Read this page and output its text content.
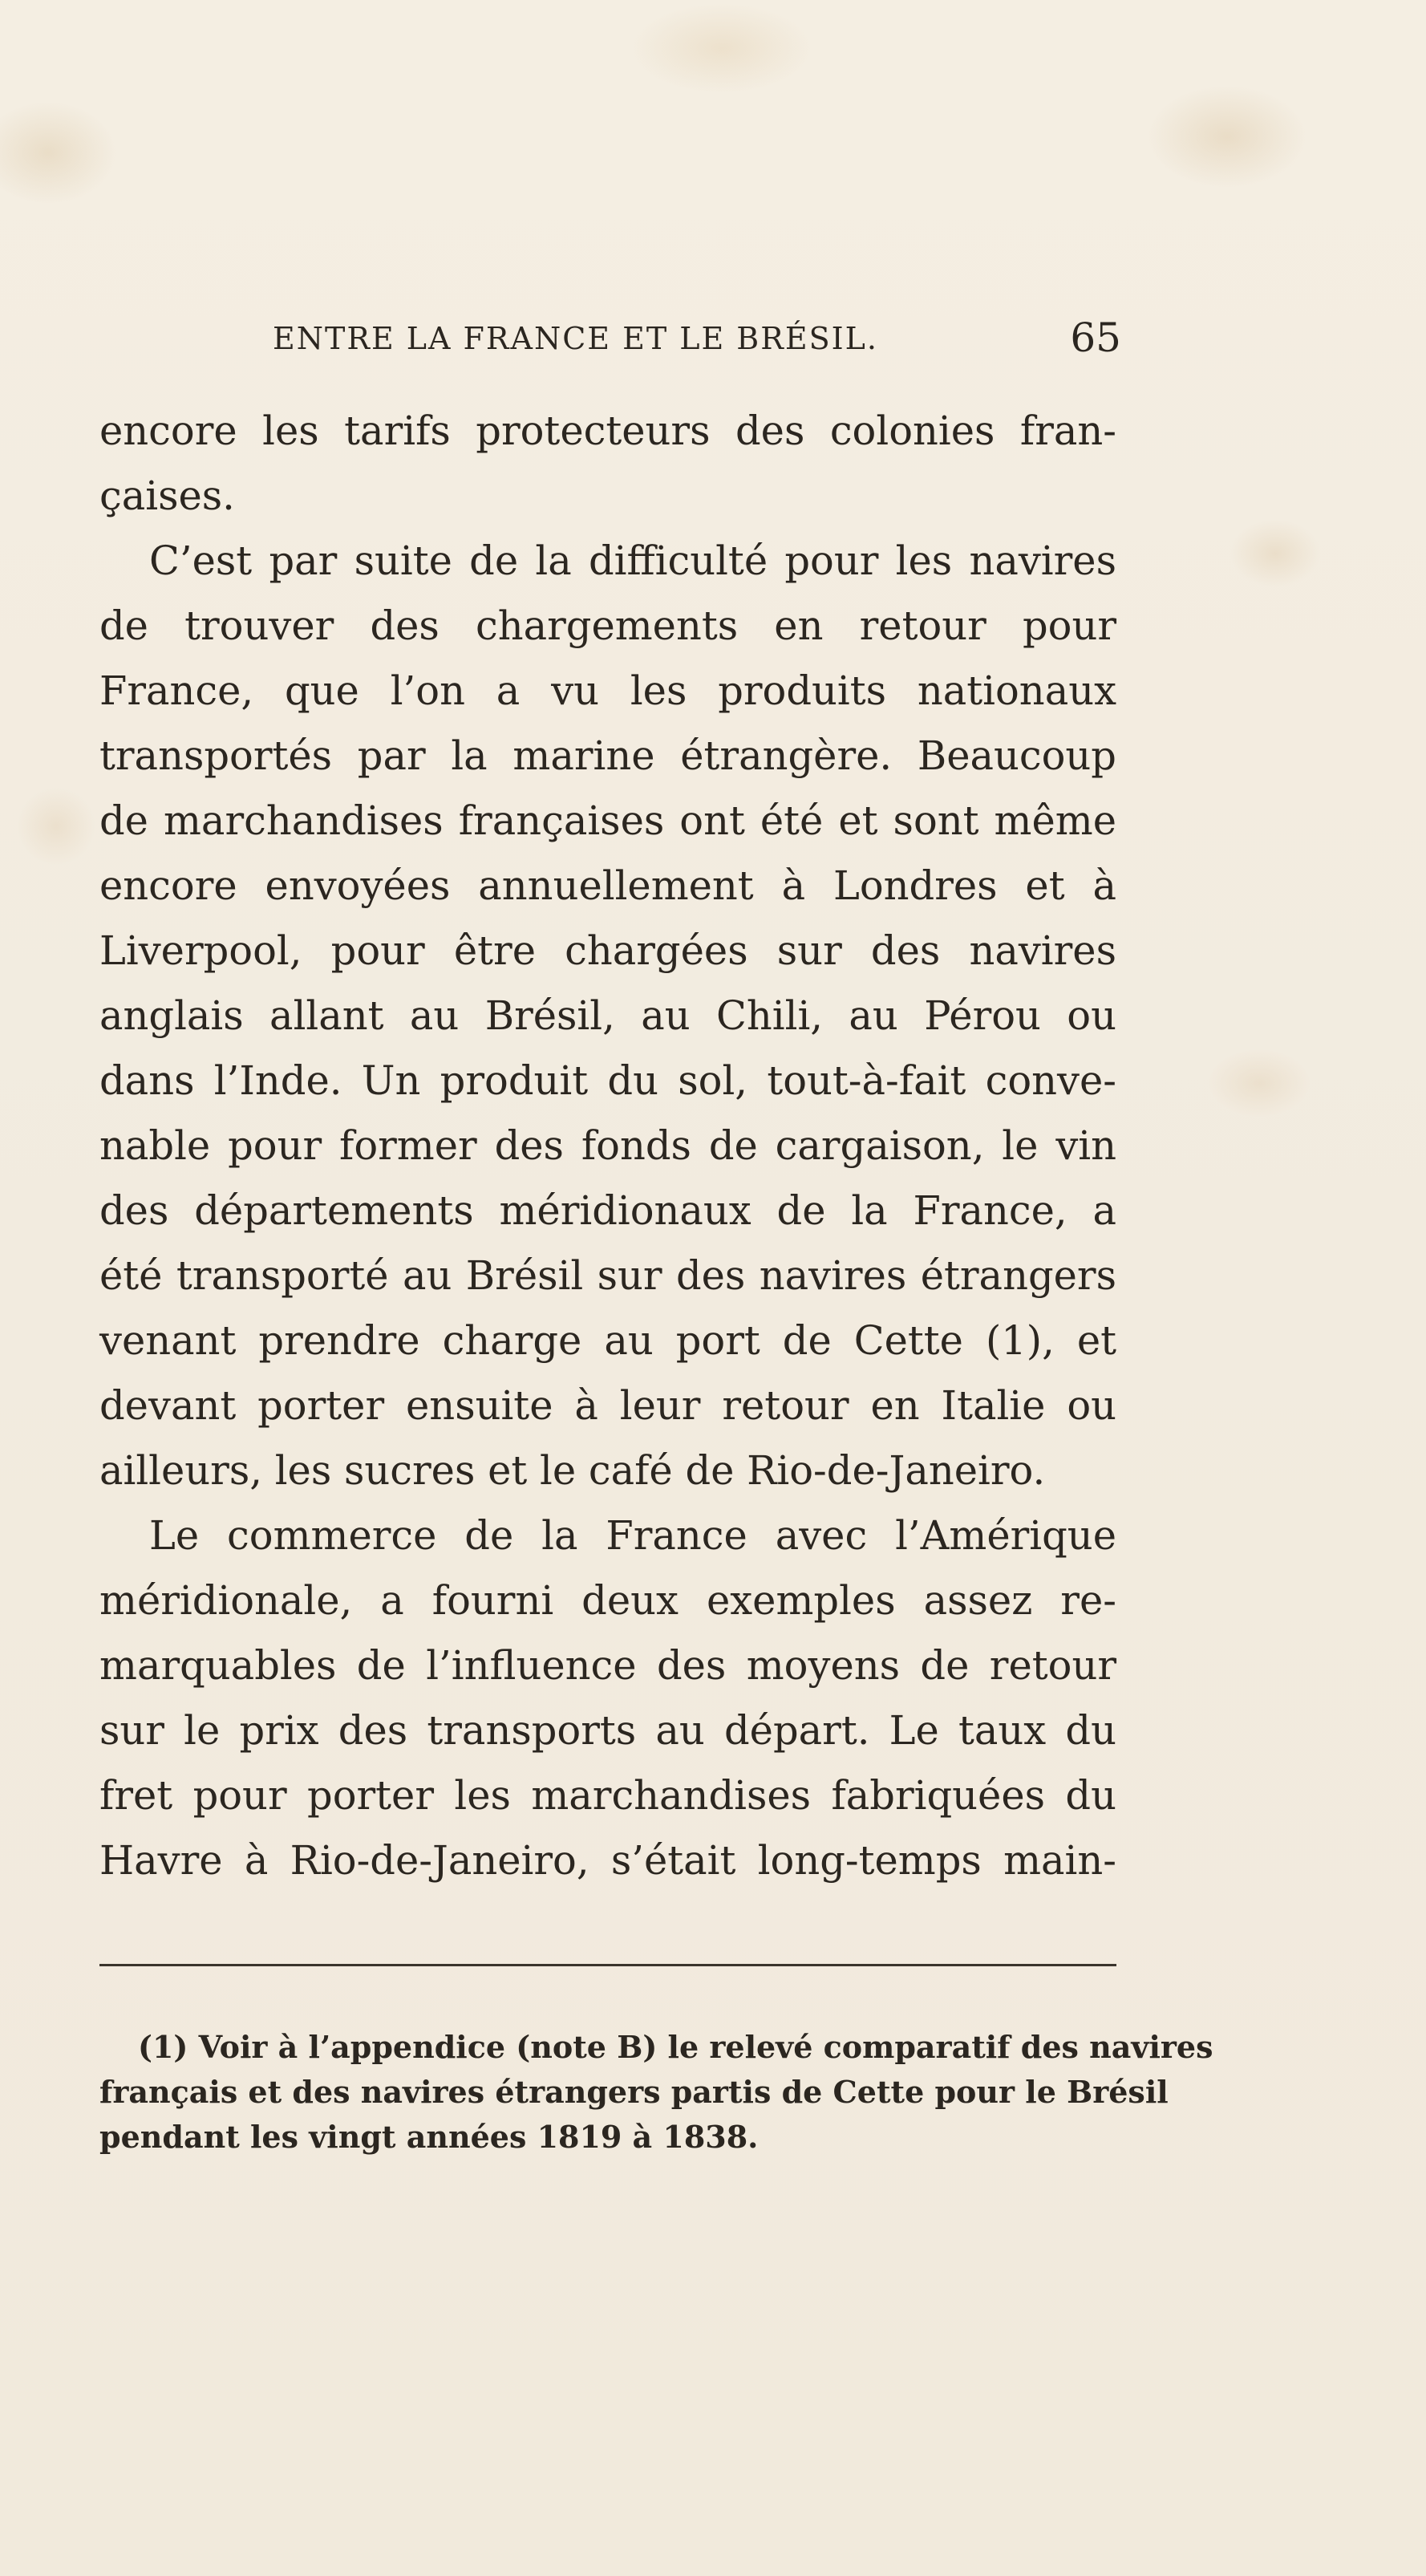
ENTRE LA FRANCE ET LE BRÉSIL.	65

encore les tarifs protecteurs des colonies fran-
çaises.

C’est par suite de la difficulté pour les navires
de trouver des chargements en retour pour
France, que l’on a vu les produits nationaux
transportés par la marine étrangère. Beaucoup
de marchandises françaises ont été et sont même
encore envoyées annuellement à Londres et à
Liverpool, pour être chargées sur des navires
anglais allant au Brésil, au Chili, au Pérou ou
dans l’Inde. Un produit du sol, tout-à-fait conve-
nable pour former des fonds de cargaison, le vin
des départements méridionaux de la France, a
été transporté au Brésil sur des navires étrangers
venant prendre charge au port de Cette (1), et
devant porter ensuite à leur retour en Italie ou
ailleurs, les sucres et le café de Rio-de-Janeiro.

Le commerce de la France avec l’Amérique
méridionale, a fourni deux exemples assez re-
marquables de l’influence des moyens de retour
sur le prix des transports au départ. Le taux du
fret pour porter les marchandises fabriquées du
Havre à Rio-de-Janeiro, s’était long-temps main-

(1) Voir à l’appendice (note B) le relevé comparatif des navires
français et des navires étrangers partis de Cette pour le Brésil
pendant les vingt années 1819 à 1838.
